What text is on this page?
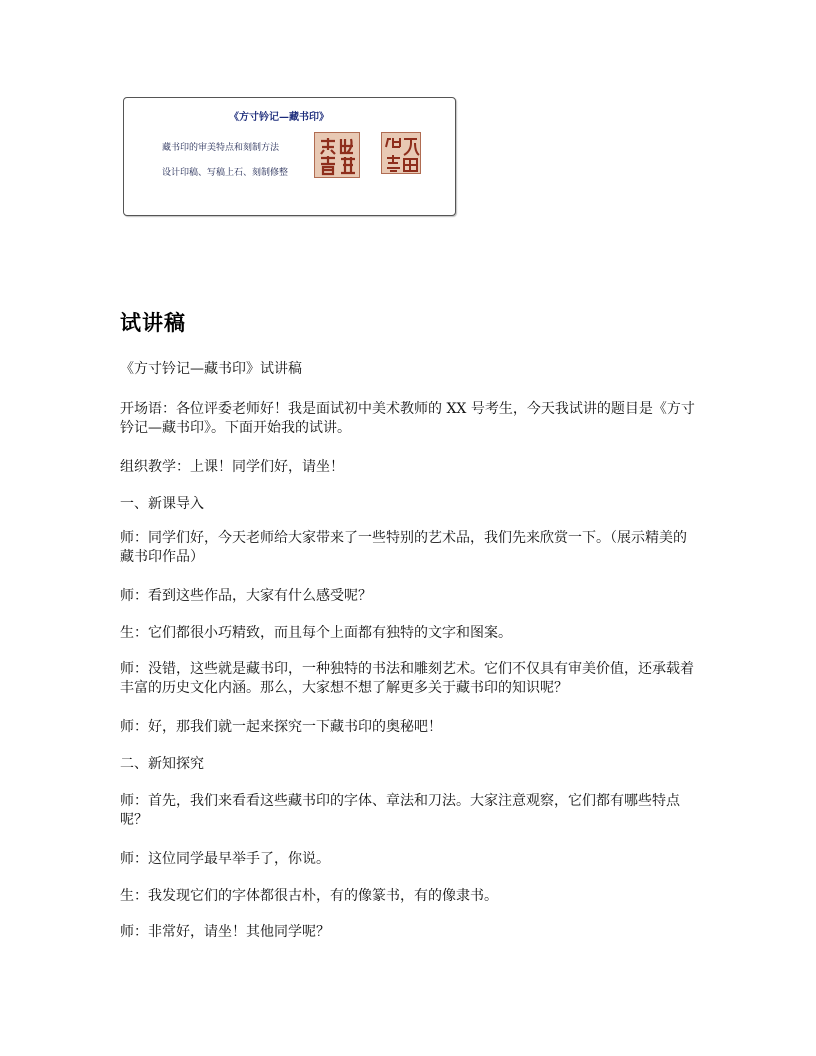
《方寸钤记—藏书印》
藏书印的审美特点和刻制方法
设计印稿、写稿上石、刻制修整
试讲稿
《方寸钤记—藏书印》试讲稿
开场语：各位评委老师好！我是面试初中美术教师的 XX 号考生，今天我试讲的题目是《方寸钤记—藏书印》。下面开始我的试讲。
组织教学：上课！同学们好，请坐！
一、新课导入
师：同学们好，今天老师给大家带来了一些特别的艺术品，我们先来欣赏一下。（展示精美的藏书印作品）
师：看到这些作品，大家有什么感受呢？
生：它们都很小巧精致，而且每个上面都有独特的文字和图案。
师：没错，这些就是藏书印，一种独特的书法和雕刻艺术。它们不仅具有审美价值，还承载着丰富的历史文化内涵。那么，大家想不想了解更多关于藏书印的知识呢？
师：好，那我们就一起来探究一下藏书印的奥秘吧！
二、新知探究
师：首先，我们来看看这些藏书印的字体、章法和刀法。大家注意观察，它们都有哪些特点呢？
师：这位同学最早举手了，你说。
生：我发现它们的字体都很古朴，有的像篆书，有的像隶书。
师：非常好，请坐！其他同学呢？
